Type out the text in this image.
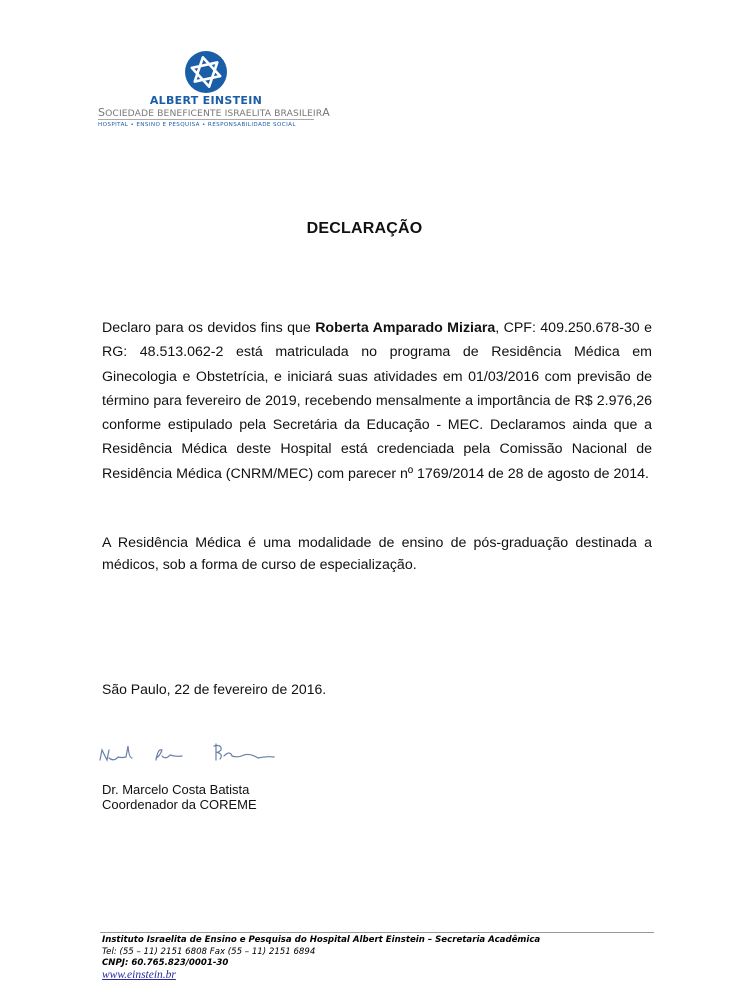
ALBERT EINSTEIN
SOCIEDADE BENEFICENTE ISRAELITA BRASILEIRA
HOSPITAL • ENSINO E PESQUISA • RESPONSABILIDADE SOCIAL
DECLARAÇÃO

Declaro para os devidos fins que Roberta Amparado Miziara, CPF: 409.250.678-30 e RG: 48.513.062-2 está matriculada no programa de Residência Médica em Ginecologia e Obstetrícia, e iniciará suas atividades em 01/03/2016 com previsão de término para fevereiro de 2019, recebendo mensalmente a importância de R$ 2.976,26 conforme estipulado pela Secretária da Educação - MEC. Declaramos ainda que a Residência Médica deste Hospital está credenciada pela Comissão Nacional de Residência Médica (CNRM/MEC) com parecer nº 1769/2014 de 28 de agosto de 2014.

A Residência Médica é uma modalidade de ensino de pós-graduação destinada a médicos, sob a forma de curso de especialização.

São Paulo, 22 de fevereiro de 2016.
Dr. Marcelo Costa Batista
Coordenador da COREME
Instituto Israelita de Ensino e Pesquisa do Hospital Albert Einstein – Secretaria Acadêmica
Tel: (55 – 11) 2151 6808 Fax (55 – 11) 2151 6894
CNPJ: 60.765.823/0001-30
www.einstein.br
